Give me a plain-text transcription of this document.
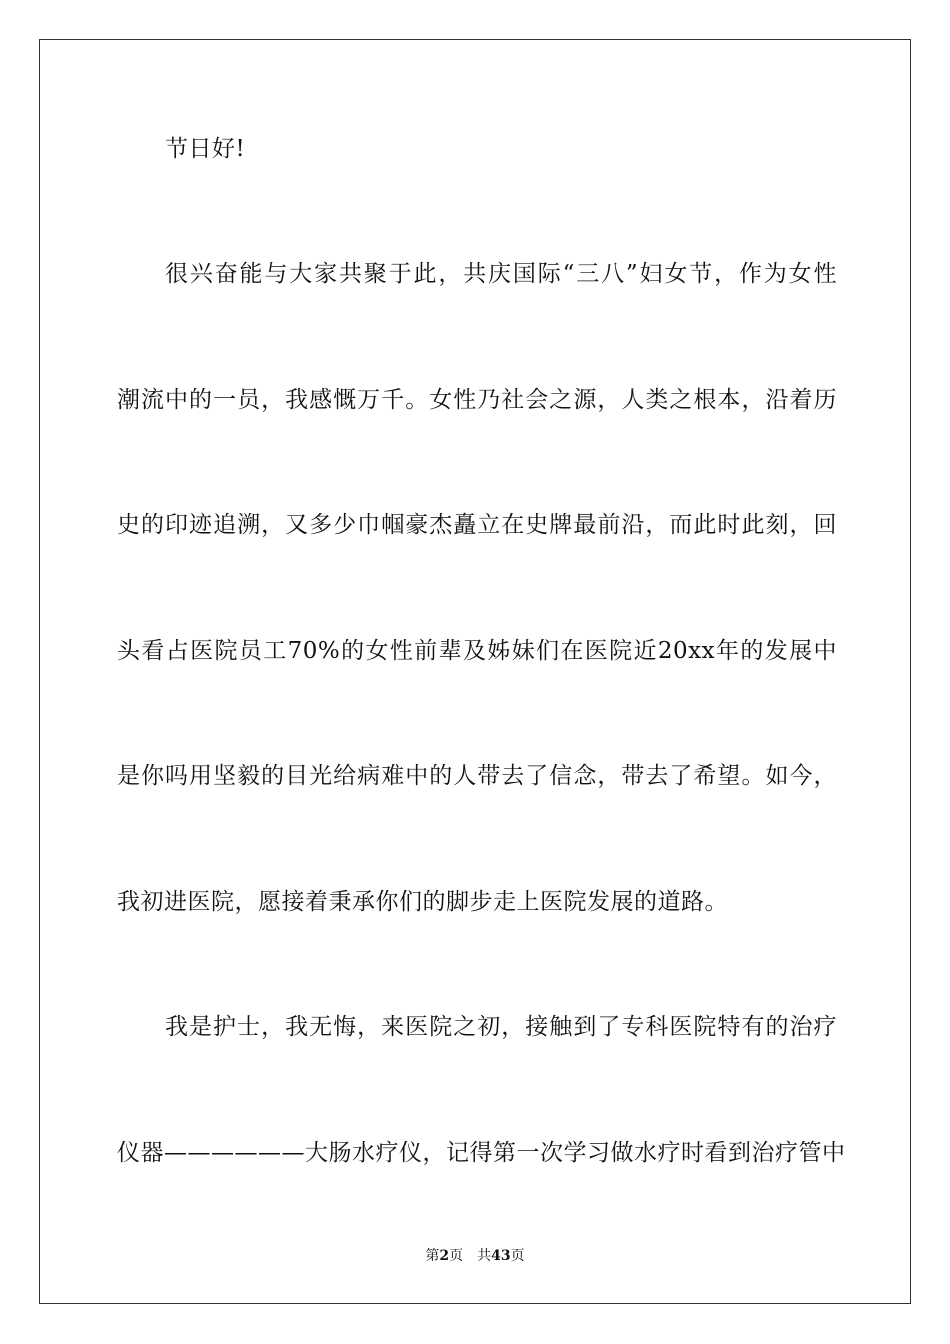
节日好!
很兴奋能与大家共聚于此，共庆国际“三八”妇女节，作为女性
潮流中的一员，我感慨万千。女性乃社会之源，人类之根本，沿着历
史的印迹追溯，又多少巾帼豪杰矗立在史牌最前沿，而此时此刻，回
头看占医院员工70%的女性前辈及姊妹们在医院近20xx年的发展中
是你吗用坚毅的目光给病难中的人带去了信念，带去了希望。如今，
我初进医院，愿接着秉承你们的脚步走上医院发展的道路。
我是护士，我无悔，来医院之初，接触到了专科医院特有的治疗
仪器——————大肠水疗仪，记得第一次学习做水疗时看到治疗管中
第2页 共43页
